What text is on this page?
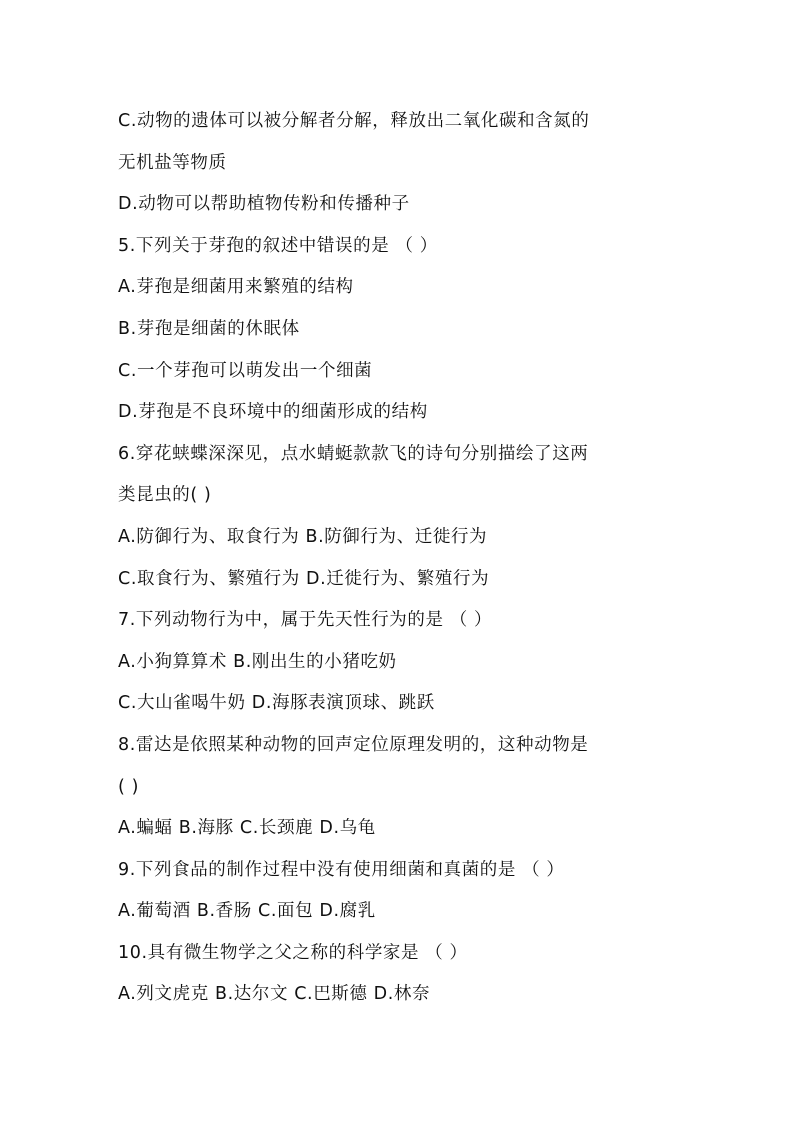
C.动物的遗体可以被分解者分解，释放出二氧化碳和含氮的
无机盐等物质
D.动物可以帮助植物传粉和传播种子
5.下列关于芽孢的叙述中错误的是 （ ）
A.芽孢是细菌用来繁殖的结构
B.芽孢是细菌的休眠体
C.一个芽孢可以萌发出一个细菌
D.芽孢是不良环境中的细菌形成的结构
6.穿花蛱蝶深深见，点水蜻蜓款款飞的诗句分别描绘了这两
类昆虫的( )
A.防御行为、取食行为 B.防御行为、迁徙行为
C.取食行为、繁殖行为 D.迁徙行为、繁殖行为
7.下列动物行为中，属于先天性行为的是 （ ）
A.小狗算算术 B.刚出生的小猪吃奶
C.大山雀喝牛奶 D.海豚表演顶球、跳跃
8.雷达是依照某种动物的回声定位原理发明的，这种动物是
( )
A.蝙蝠 B.海豚 C.长颈鹿 D.乌龟
9.下列食品的制作过程中没有使用细菌和真菌的是 （ ）
A.葡萄酒 B.香肠 C.面包 D.腐乳
10.具有微生物学之父之称的科学家是 （ ）
A.列文虎克 B.达尔文 C.巴斯德 D.林奈
